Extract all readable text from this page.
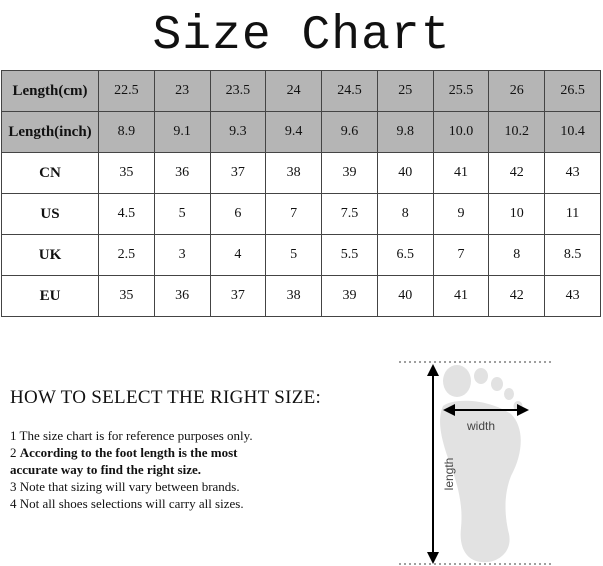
Size Chart
Length(cm)	22.5	23	23.5	24	24.5	25	25.5	26	26.5
Length(inch)	8.9	9.1	9.3	9.4	9.6	9.8	10.0	10.2	10.4
CN	35	36	37	38	39	40	41	42	43
US	4.5	5	6	7	7.5	8	9	10	11
UK	2.5	3	4	5	5.5	6.5	7	8	8.5
EU	35	36	37	38	39	40	41	42	43
HOW TO SELECT THE RIGHT SIZE:
1 The size chart is for reference purposes only.
2 According to the foot length is the most
accurate way to find the right size.
3 Note that sizing will vary between brands.
4 Not all shoes selections will carry all sizes.
width
length
